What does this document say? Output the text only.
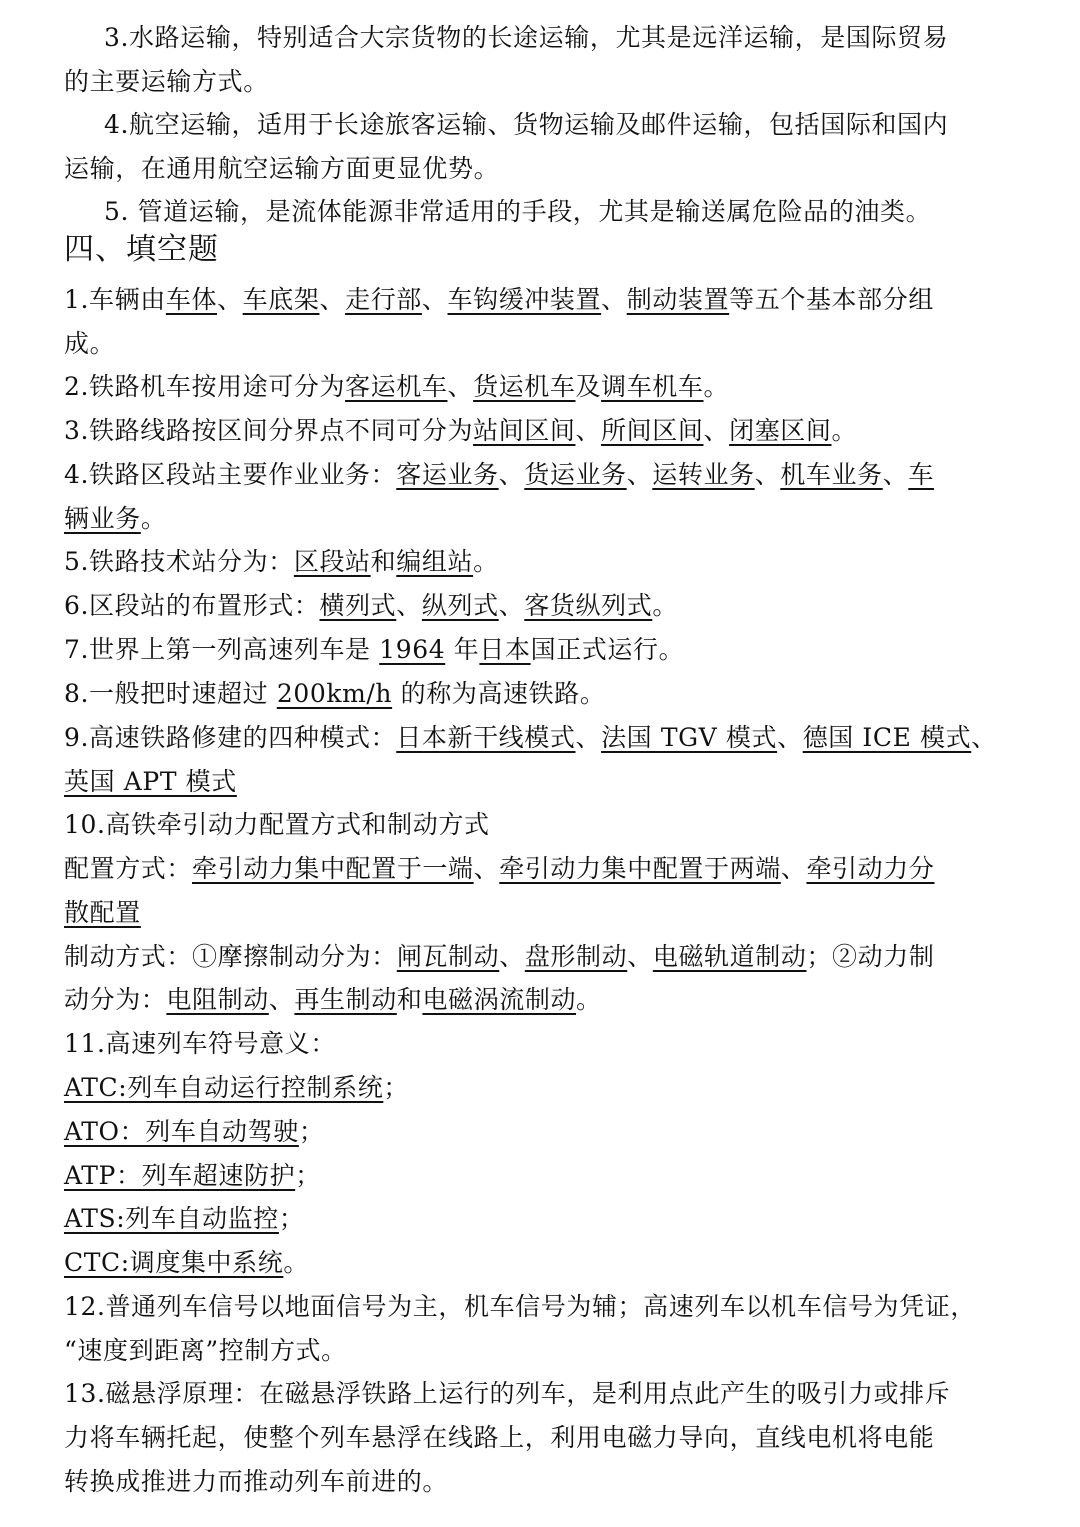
3.水路运输，特别适合大宗货物的长途运输，尤其是远洋运输，是国际贸易
的主要运输方式。
4.航空运输，适用于长途旅客运输、货物运输及邮件运输，包括国际和国内
运输，在通用航空运输方面更显优势。
5. 管道运输，是流体能源非常适用的手段，尤其是输送属危险品的油类。
四、填空题
1.车辆由车体、车底架、走行部、车钩缓冲装置、制动装置等五个基本部分组
成。
2.铁路机车按用途可分为客运机车、货运机车及调车机车。
3.铁路线路按区间分界点不同可分为站间区间、所间区间、闭塞区间。
4.铁路区段站主要作业业务：客运业务、货运业务、运转业务、机车业务、车
辆业务。
5.铁路技术站分为：区段站和编组站。
6.区段站的布置形式：横列式、纵列式、客货纵列式。
7.世界上第一列高速列车是 1964 年日本国正式运行。
8.一般把时速超过 200km/h 的称为高速铁路。
9.高速铁路修建的四种模式：日本新干线模式、法国 TGV 模式、德国 ICE 模式、
英国 APT 模式
10.高铁牵引动力配置方式和制动方式
配置方式：牵引动力集中配置于一端、牵引动力集中配置于两端、牵引动力分
散配置
制动方式：①摩擦制动分为：闸瓦制动、盘形制动、电磁轨道制动；②动力制
动分为：电阻制动、再生制动和电磁涡流制动。
11.高速列车符号意义：
ATC:列车自动运行控制系统；
ATO：列车自动驾驶；
ATP：列车超速防护；
ATS:列车自动监控；
CTC:调度集中系统。
12.普通列车信号以地面信号为主，机车信号为辅；高速列车以机车信号为凭证，
“速度到距离”控制方式。
13.磁悬浮原理：在磁悬浮铁路上运行的列车，是利用点此产生的吸引力或排斥
力将车辆托起，使整个列车悬浮在线路上，利用电磁力导向，直线电机将电能
转换成推进力而推动列车前进的。
